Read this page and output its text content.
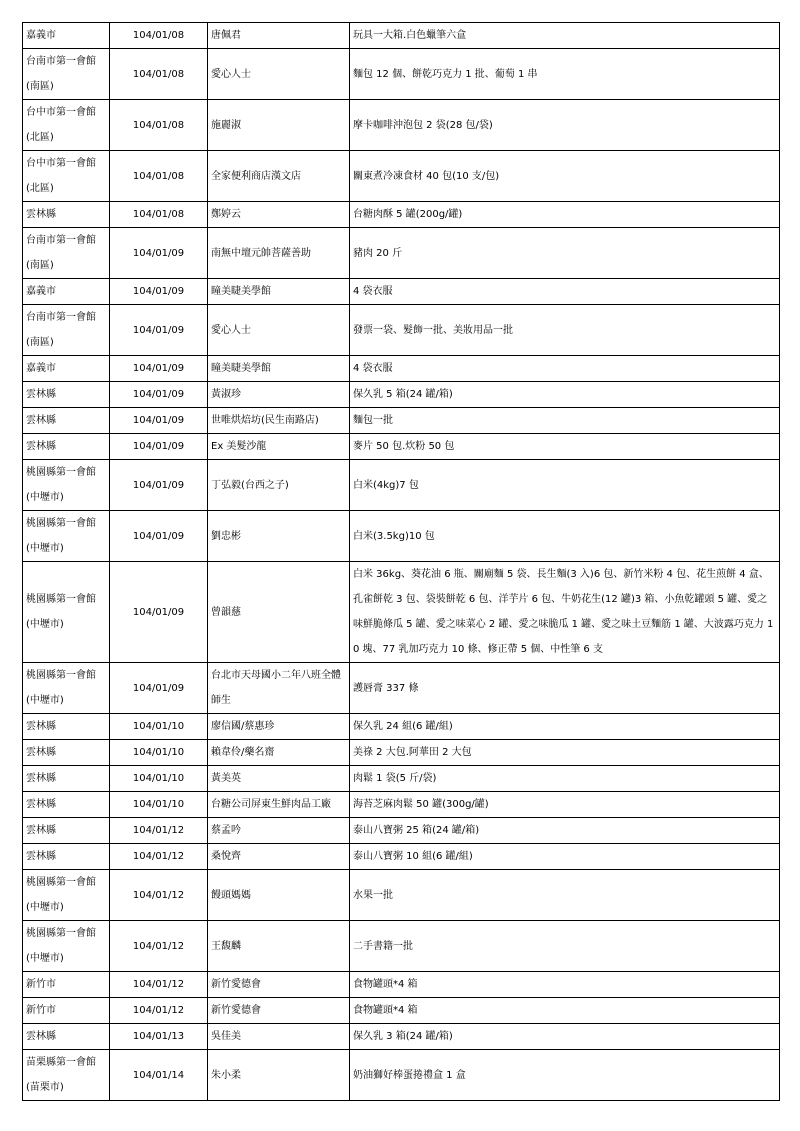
嘉義市	104/01/08	唐佩君	玩具一大箱.白色蠟筆六盒
台南市第一會館(南區)	104/01/08	愛心人士	麵包 12 個、餅乾巧克力 1 批、葡萄 1 串
台中市第一會館(北區)	104/01/08	施麗淑	摩卡咖啡沖泡包 2 袋(28 包/袋)
台中市第一會館(北區)	104/01/08	全家便利商店漢文店	關東煮冷凍食材 40 包(10 支/包)
雲林縣	104/01/08	鄭婷云	台糖肉酥 5 罐(200g/罐)
台南市第一會館(南區)	104/01/09	南無中壇元帥菩薩善助	豬肉 20 斤
嘉義市	104/01/09	瞳美睫美學館	4 袋衣服
台南市第一會館(南區)	104/01/09	愛心人士	發票一袋、髮飾一批、美妝用品一批
嘉義市	104/01/09	瞳美睫美學館	4 袋衣服
雲林縣	104/01/09	黃淑珍	保久乳 5 箱(24 罐/箱)
雲林縣	104/01/09	世唯烘焙坊(民生南路店)	麵包一批
雲林縣	104/01/09	Ex 美髮沙龍	麥片 50 包.炊粉 50 包
桃園縣第一會館(中壢市)	104/01/09	丁弘毅(台西之子)	白米(4kg)7 包
桃園縣第一會館(中壢市)	104/01/09	劉忠彬	白米(3.5kg)10 包
桃園縣第一會館(中壢市)	104/01/09	曾韻慈	白米 36kg、葵花油 6 瓶、關廟麵 5 袋、長生麵(3 入)6 包、新竹米粉 4 包、花生煎餅 4 盒、孔雀餅乾 3 包、袋裝餅乾 6 包、洋芋片 6 包、牛奶花生(12 罐)3 箱、小魚乾罐頭 5 罐、愛之味鮮脆條瓜 5 罐、愛之味菜心 2 罐、愛之味脆瓜 1 罐、愛之味土豆麵筋 1 罐、大波露巧克力 10 塊、77 乳加巧克力 10 條、修正帶 5 個、中性筆 6 支
桃園縣第一會館(中壢市)	104/01/09	台北市天母國小二年八班全體師生	護唇膏 337 條
雲林縣	104/01/10	廖信國/蔡惠珍	保久乳 24 組(6 罐/組)
雲林縣	104/01/10	賴韋伶/藥名齋	美祿 2 大包.阿華田 2 大包
雲林縣	104/01/10	黃美英	肉鬆 1 袋(5 斤/袋)
雲林縣	104/01/10	台糖公司屏東生鮮肉品工廠	海苔芝麻肉鬆 50 罐(300g/罐)
雲林縣	104/01/12	蔡孟吟	泰山八寶粥 25 箱(24 罐/箱)
雲林縣	104/01/12	桑悅齊	泰山八寶粥 10 組(6 罐/組)
桃園縣第一會館(中壢市)	104/01/12	饅頭媽媽	水果一批
桃園縣第一會館(中壢市)	104/01/12	王馥麟	二手書籍一批
新竹市	104/01/12	新竹愛德會	食物罐頭*4 箱
新竹市	104/01/12	新竹愛德會	食物罐頭*4 箱
雲林縣	104/01/13	吳佳美	保久乳 3 箱(24 罐/箱)
苗栗縣第一會館(苗栗市)	104/01/14	朱小柔	奶油獅好棒蛋捲禮盒 1 盒
